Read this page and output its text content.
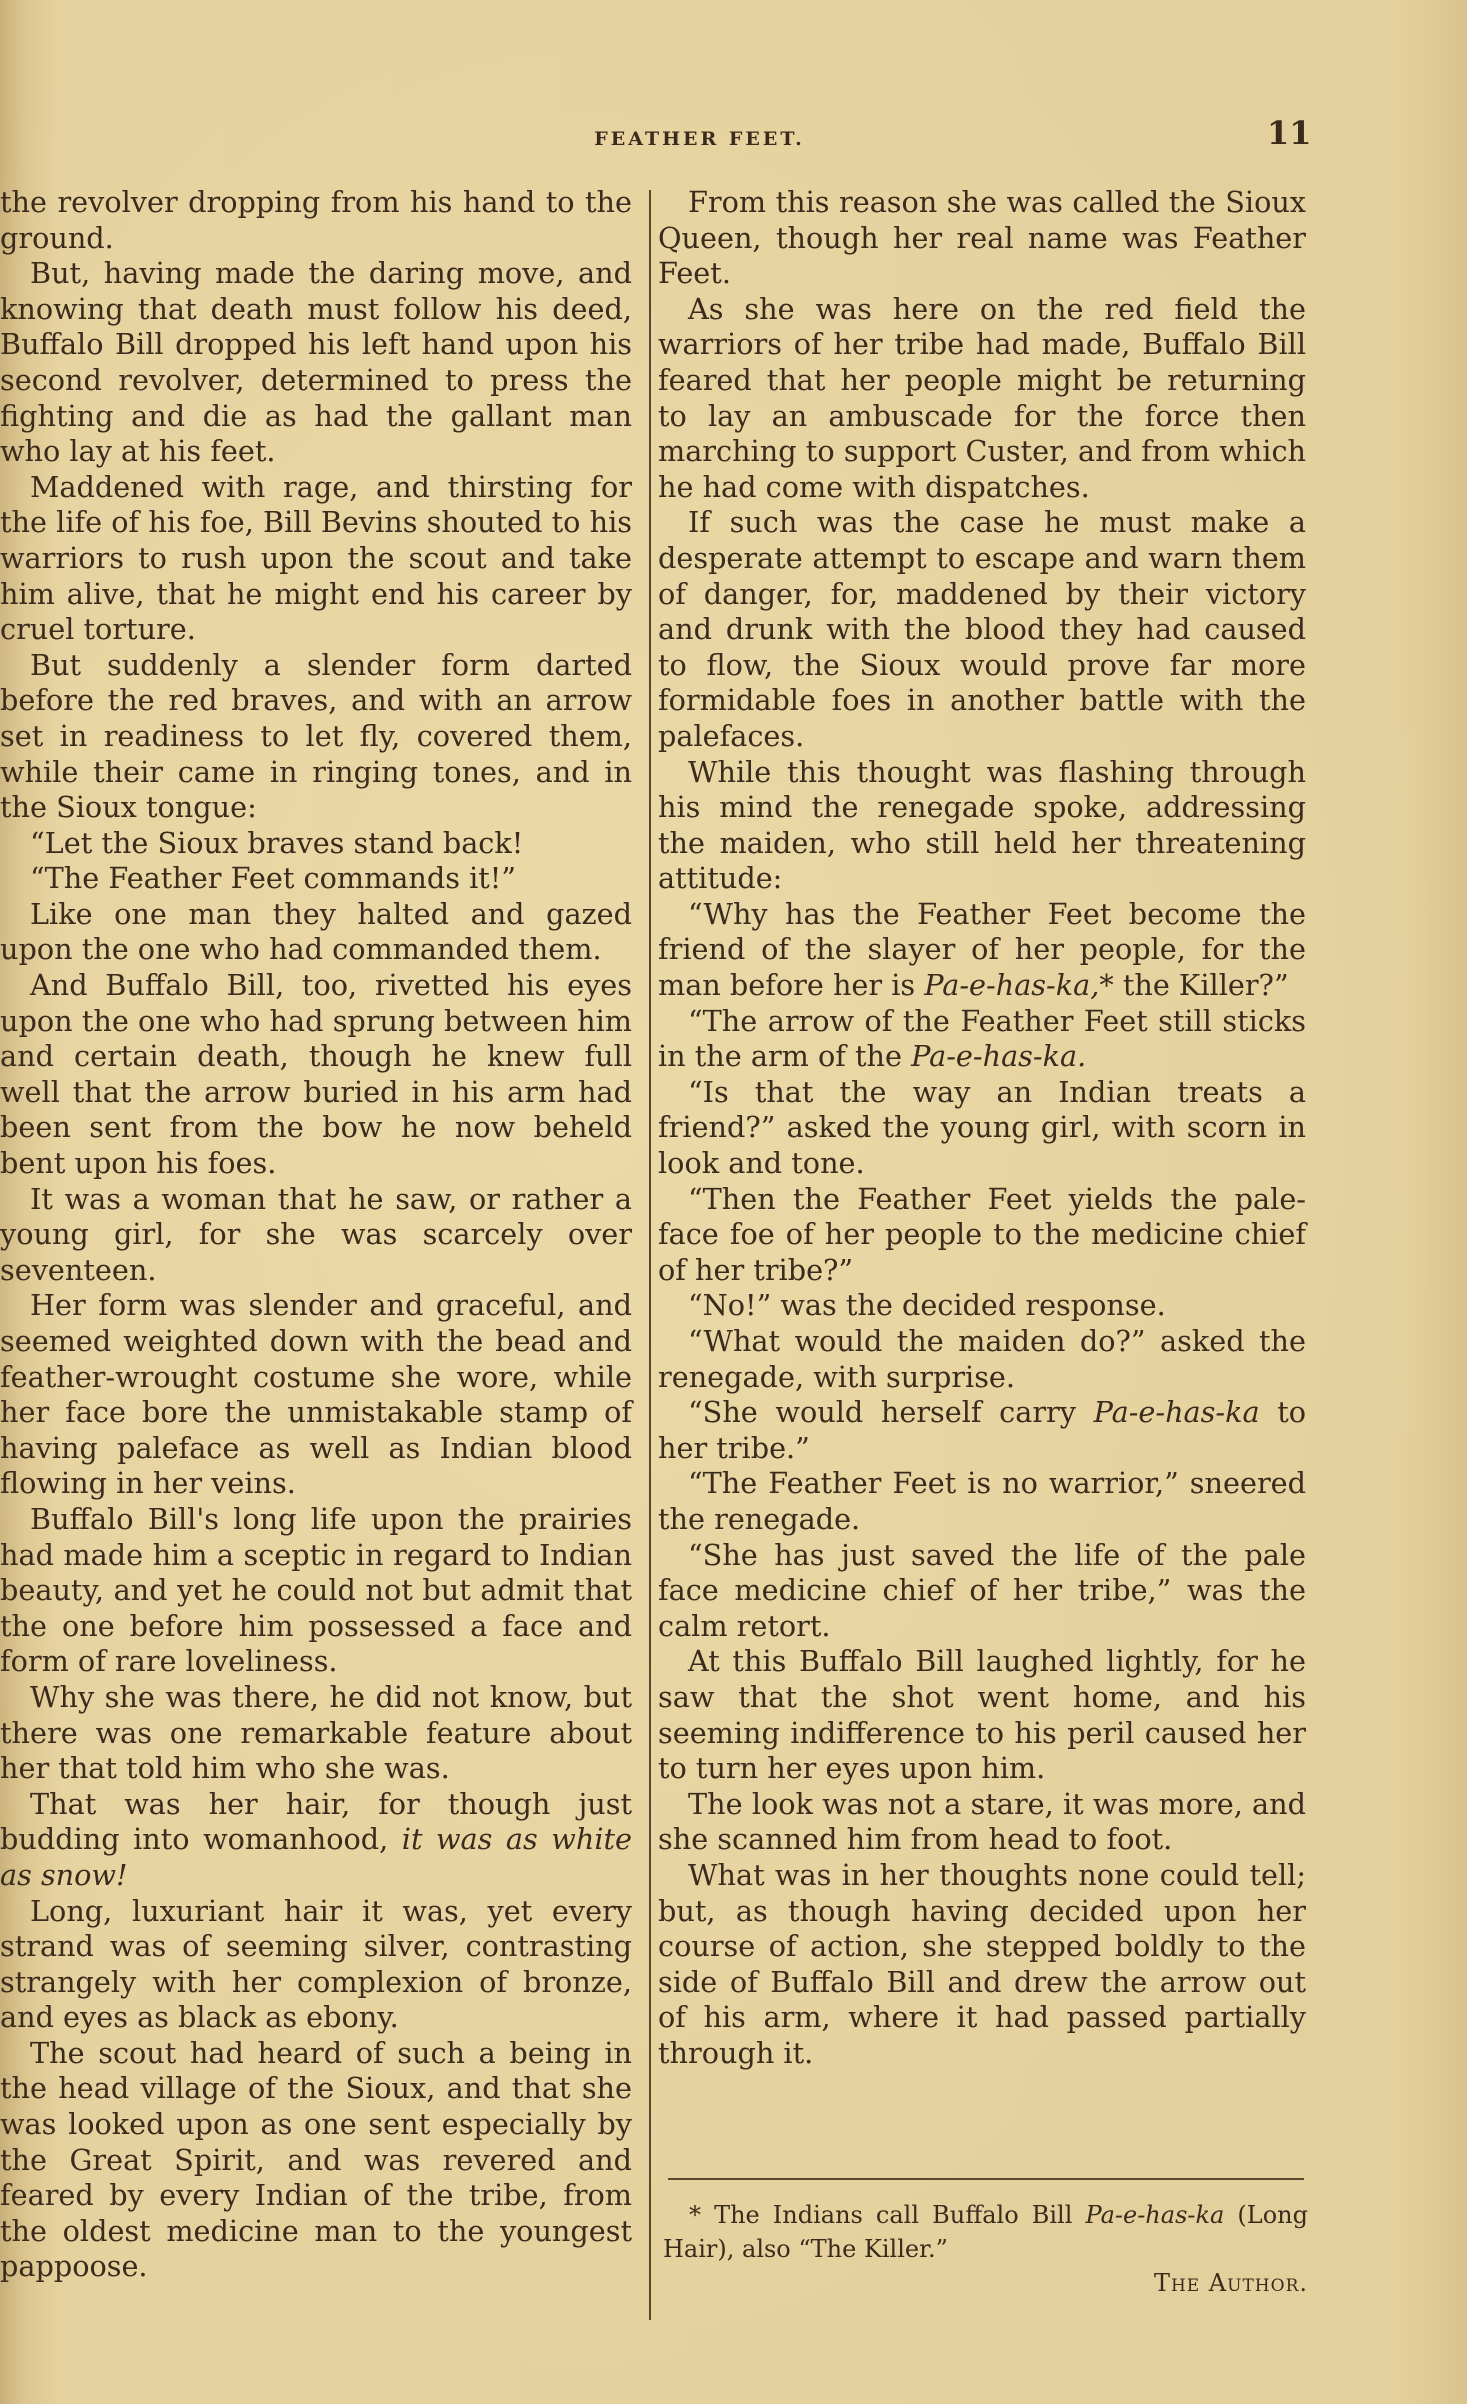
FEATHER FEET.	11

the revolver dropping from his hand to the ground.

But, having made the daring move, and knowing that death must follow his deed, Buffalo Bill dropped his left hand upon his second revolver, determined to press the fighting and die as had the gallant man who lay at his feet.

Maddened with rage, and thirsting for the life of his foe, Bill Bevins shouted to his warriors to rush upon the scout and take him alive, that he might end his career by cruel torture.

But suddenly a slender form darted before the red braves, and with an arrow set in readiness to let fly, covered them, while their came in ringing tones, and in the Sioux tongue:

“Let the Sioux braves stand back!

“The Feather Feet commands it!”

Like one man they halted and gazed upon the one who had commanded them.

And Buffalo Bill, too, rivetted his eyes upon the one who had sprung between him and certain death, though he knew full well that the arrow buried in his arm had been sent from the bow he now beheld bent upon his foes.

It was a woman that he saw, or rather a young girl, for she was scarcely over seventeen.

Her form was slender and graceful, and seemed weighted down with the bead and feather-wrought costume she wore, while her face bore the unmistakable stamp of having paleface as well as Indian blood flowing in her veins.

Buffalo Bill's long life upon the prairies had made him a sceptic in regard to Indian beauty, and yet he could not but admit that the one before him possessed a face and form of rare loveliness.

Why she was there, he did not know, but there was one remarkable feature about her that told him who she was.

That was her hair, for though just budding into womanhood, it was as white as snow!

Long, luxuriant hair it was, yet every strand was of seeming silver, contrasting strangely with her complexion of bronze, and eyes as black as ebony.

The scout had heard of such a being in the head village of the Sioux, and that she was looked upon as one sent especially by the Great Spirit, and was revered and feared by every Indian of the tribe, from the oldest medicine man to the youngest pappoose.

From this reason she was called the Sioux Queen, though her real name was Feather Feet.

As she was here on the red field the warriors of her tribe had made, Buffalo Bill feared that her people might be returning to lay an ambuscade for the force then marching to support Custer, and from which he had come with dispatches.

If such was the case he must make a desperate attempt to escape and warn them of danger, for, maddened by their victory and drunk with the blood they had caused to flow, the Sioux would prove far more formidable foes in another battle with the palefaces.

While this thought was flashing through his mind the renegade spoke, addressing the maiden, who still held her threatening attitude:

“Why has the Feather Feet become the friend of the slayer of her people, for the man before her is Pa-e-has-ka,* the Killer?”

“The arrow of the Feather Feet still sticks in the arm of the Pa-e-has-ka.

“Is that the way an Indian treats a friend?” asked the young girl, with scorn in look and tone.

“Then the Feather Feet yields the pale-face foe of her people to the medicine chief of her tribe?”

“No!” was the decided response.

“What would the maiden do?” asked the renegade, with surprise.

“She would herself carry Pa-e-has-ka to her tribe.”

“The Feather Feet is no warrior,” sneered the renegade.

“She has just saved the life of the pale face medicine chief of her tribe,” was the calm retort.

At this Buffalo Bill laughed lightly, for he saw that the shot went home, and his seeming indifference to his peril caused her to turn her eyes upon him.

The look was not a stare, it was more, and she scanned him from head to foot.

What was in her thoughts none could tell; but, as though having decided upon her course of action, she stepped boldly to the side of Buffalo Bill and drew the arrow out of his arm, where it had passed partially through it.

* The Indians call Buffalo Bill Pa-e-has-ka (Long Hair), also “The Killer.”

The Author.
